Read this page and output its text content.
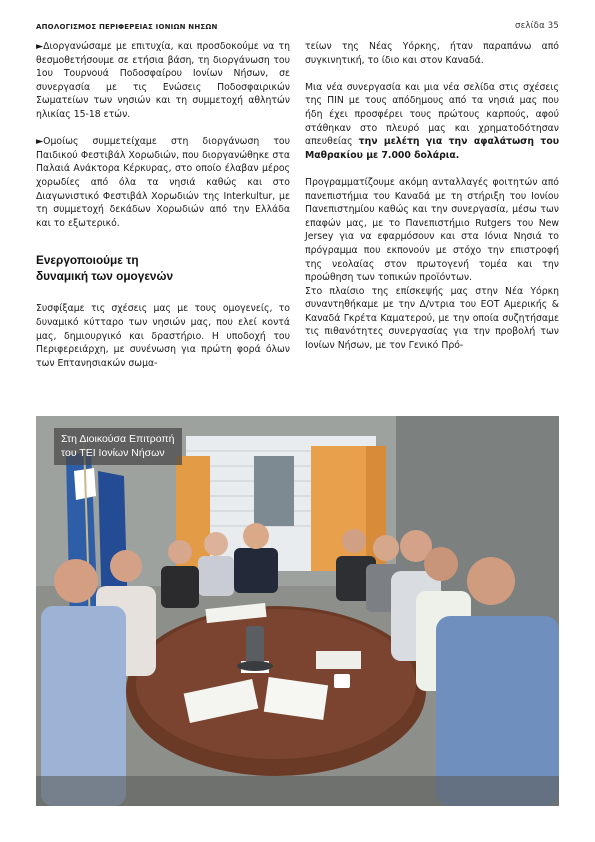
ΑΠΟΛΟΓΙΣΜΟΣ ΠΕΡΙΦΕΡΕΙΑΣ ΙΟΝΙΩΝ ΝΗΣΩΝ	σελίδα 35

►Διοργανώσαμε με επιτυχία, και προσδοκούμε να τη θεσμοθετήσουμε σε ετήσια βάση, τη διοργάνωση του 1ου Τουρνουά Ποδοσφαίρου Ιονίων Νήσων, σε συνεργασία με τις Ενώσεις Ποδοσφαιρικών Σωματείων των νησιών και τη συμμετοχή αθλητών ηλικίας 15-18 ετών.

►Ομοίως συμμετείχαμε στη διοργάνωση του Παιδικού Φεστιβάλ Χορωδιών, που διοργανώθηκε στα Παλαιά Ανάκτορα Κέρκυρας, στο οποίο έλαβαν μέρος χορωδίες από όλα τα νησιά καθώς και στο Διαγωνιστικό Φεστιβάλ Χορωδιών της Interkultur, με τη συμμετοχή δεκάδων Χορωδιών από την Ελλάδα και το εξωτερικό.

Ενεργοποιούμε τη
δυναμική των ομογενών

Συσφίξαμε τις σχέσεις μας με τους ομογενείς, το δυναμικό κύτταρο των νησιών μας, που ελεί κοντά μας, δημιουργικό και δραστήριο. Η υποδοχή του Περιφερειάρχη, με συνένωση για πρώτη φορά όλων των Επτανησιακών σωμα-

τείων της Νέας Υόρκης, ήταν παραπάνω από συγκινητική, το ίδιο και στον Καναδά.

Μια νέα συνεργασία και μια νέα σελίδα στις σχέσεις της ΠΙΝ με τους απόδημους από τα νησιά μας που ήδη έχει προσφέρει τους πρώτους καρπούς, αφού στάθηκαν στο πλευρό μας και χρηματοδότησαν απευθείας την μελέτη για την αφαλάτωση του Μαθρακίου με 7.000 δολάρια.

Προγραμματίζουμε ακόμη ανταλλαγές φοιτητών από πανεπιστήμια του Καναδά με τη στήριξη του Ιονίου Πανεπιστημίου καθώς και την συνεργασία, μέσω των επαφών μας, με το Πανεπιστήμιο Rutgers του New Jersey για να εφαρμόσουν και στα Ιόνια Νησιά το πρόγραμμα που εκπονούν με στόχο την επιστροφή της νεολαίας στον πρωτογενή τομέα και την προώθηση των τοπικών προϊόντων.

Στο πλαίσιο της επίσκεψής μας στην Νέα Υόρκη συναντηθήκαμε με την Δ/ντρια του ΕΟΤ Αμερικής & Καναδά Γκρέτα Καματερού, με την οποία συζητήσαμε τις πιθανότητες συνεργασίας για την προβολή των Ιονίων Νήσων, με τον Γενικό Πρό-

Στη Διοικούσα Επιτροπή
του ΤΕΙ Ιονίων Νήσων
